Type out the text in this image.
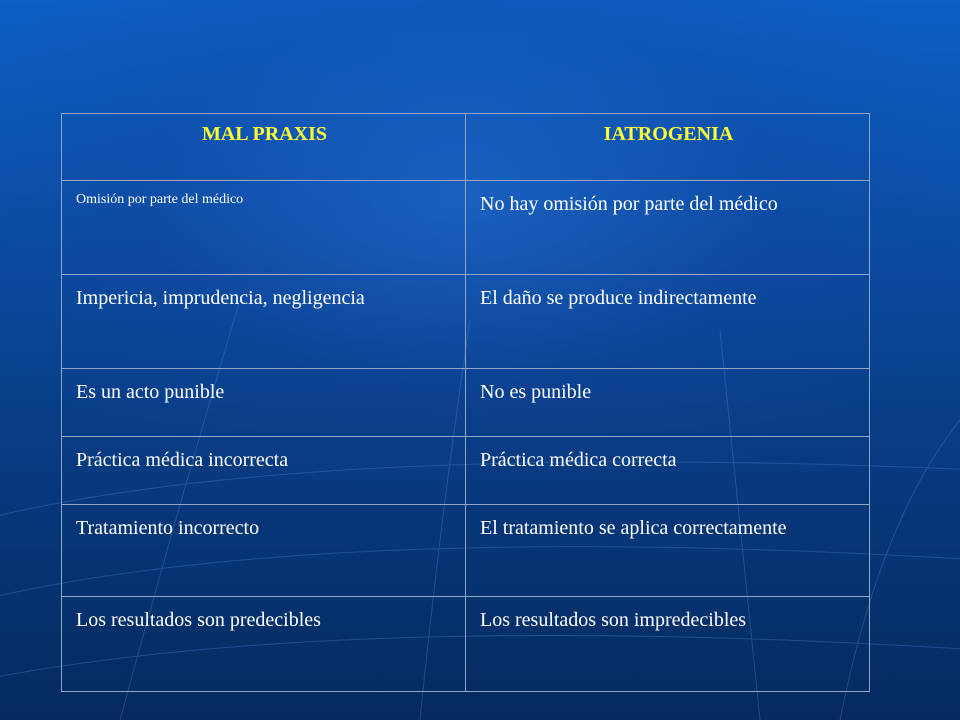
MAL PRAXIS	IATROGENIA

Omisión por parte del médico	No hay omisión por parte del médico

Impericia, imprudencia, negligencia	El daño se produce indirectamente

Es un acto punible	No es punible

Práctica médica incorrecta	Práctica médica correcta

Tratamiento incorrecto	El tratamiento se aplica correctamente

Los resultados son predecibles	Los resultados son impredecibles
